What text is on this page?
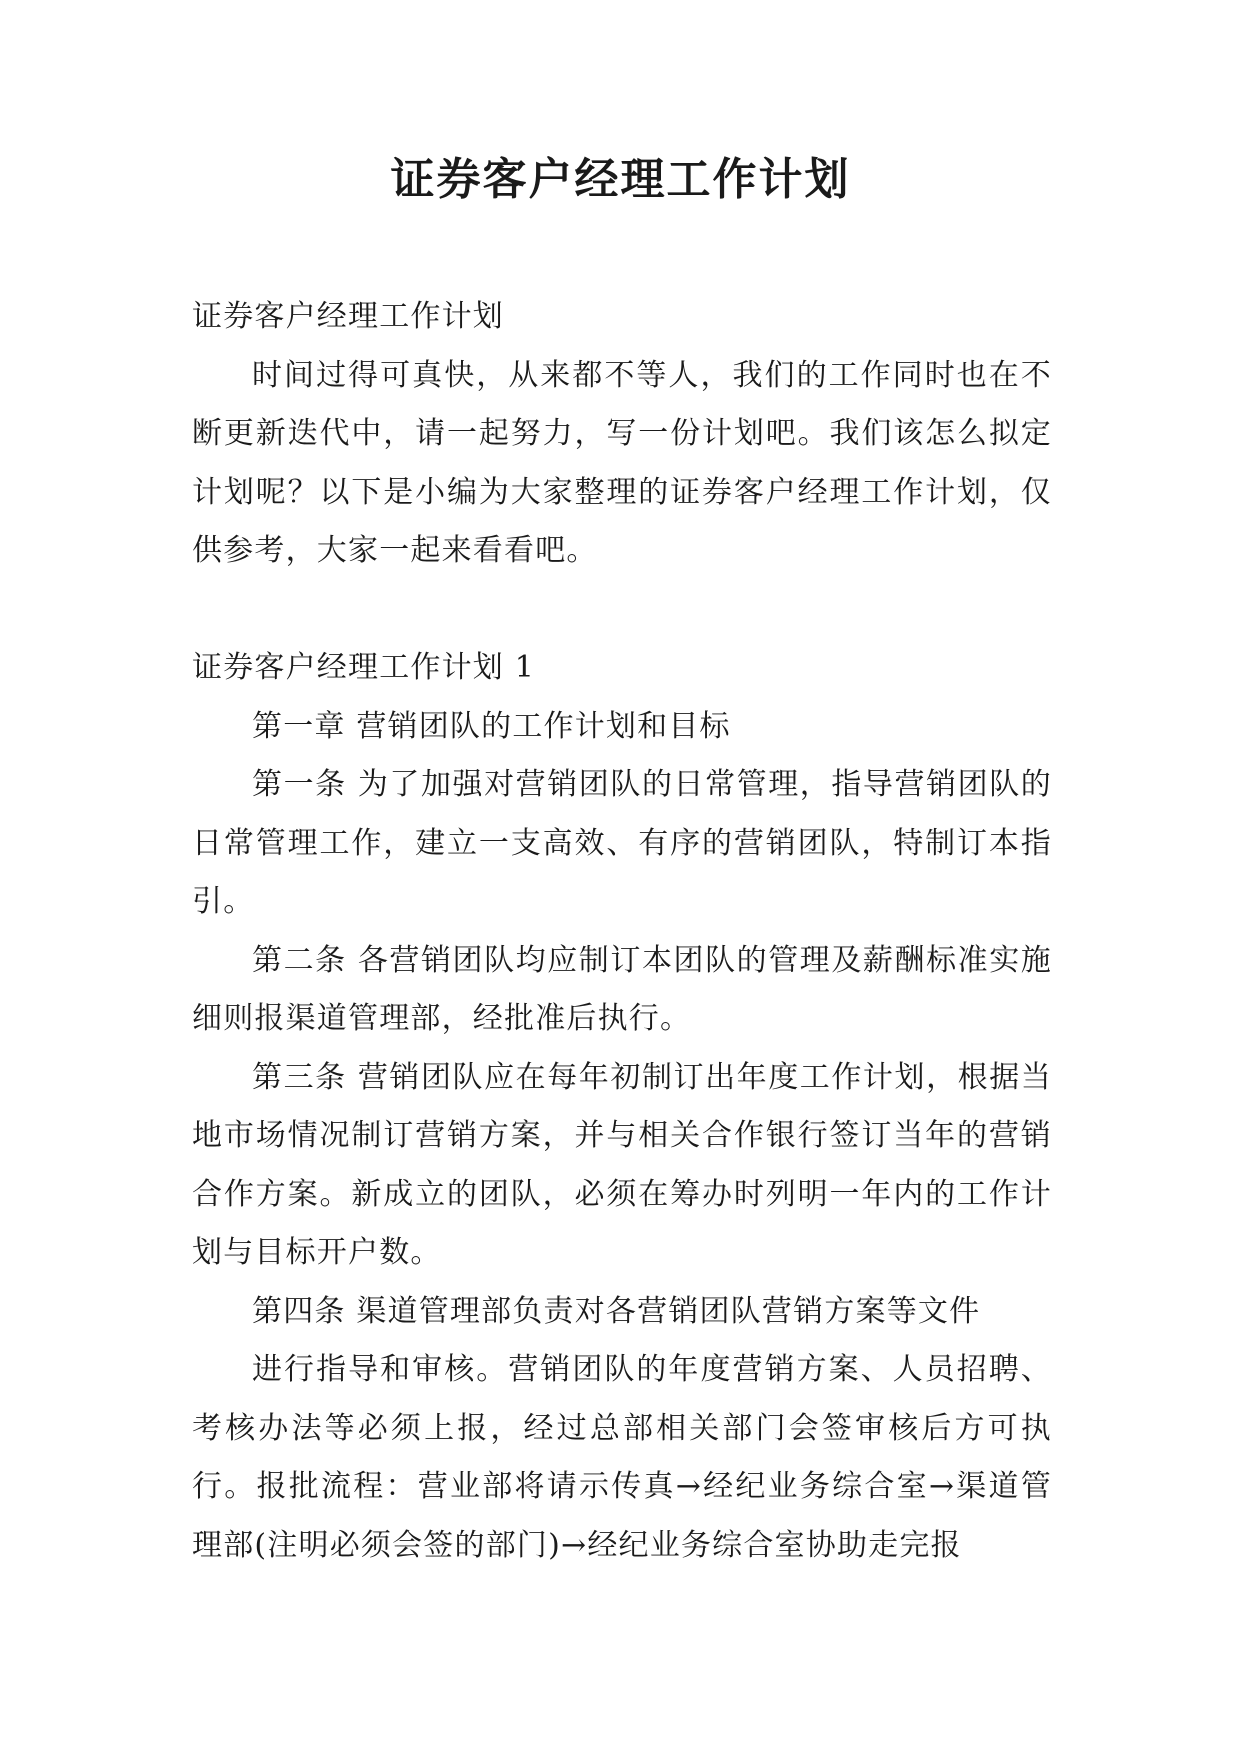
证券客户经理工作计划

证券客户经理工作计划

时间过得可真快，从来都不等人，我们的工作同时也在不断更新迭代中，请一起努力，写一份计划吧。我们该怎么拟定计划呢？以下是小编为大家整理的证券客户经理工作计划，仅供参考，大家一起来看看吧。

证券客户经理工作计划 1

第一章 营销团队的工作计划和目标

第一条 为了加强对营销团队的日常管理，指导营销团队的日常管理工作，建立一支高效、有序的营销团队，特制订本指引。

第二条 各营销团队均应制订本团队的管理及薪酬标准实施细则报渠道管理部，经批准后执行。

第三条 营销团队应在每年初制订出年度工作计划，根据当地市场情况制订营销方案，并与相关合作银行签订当年的营销合作方案。新成立的团队，必须在筹办时列明一年内的工作计划与目标开户数。

第四条 渠道管理部负责对各营销团队营销方案等文件

进行指导和审核。营销团队的年度营销方案、人员招聘、考核办法等必须上报，经过总部相关部门会签审核后方可执行。报批流程：营业部将请示传真→经纪业务综合室→渠道管理部(注明必须会签的部门)→经纪业务综合室协助走完报
